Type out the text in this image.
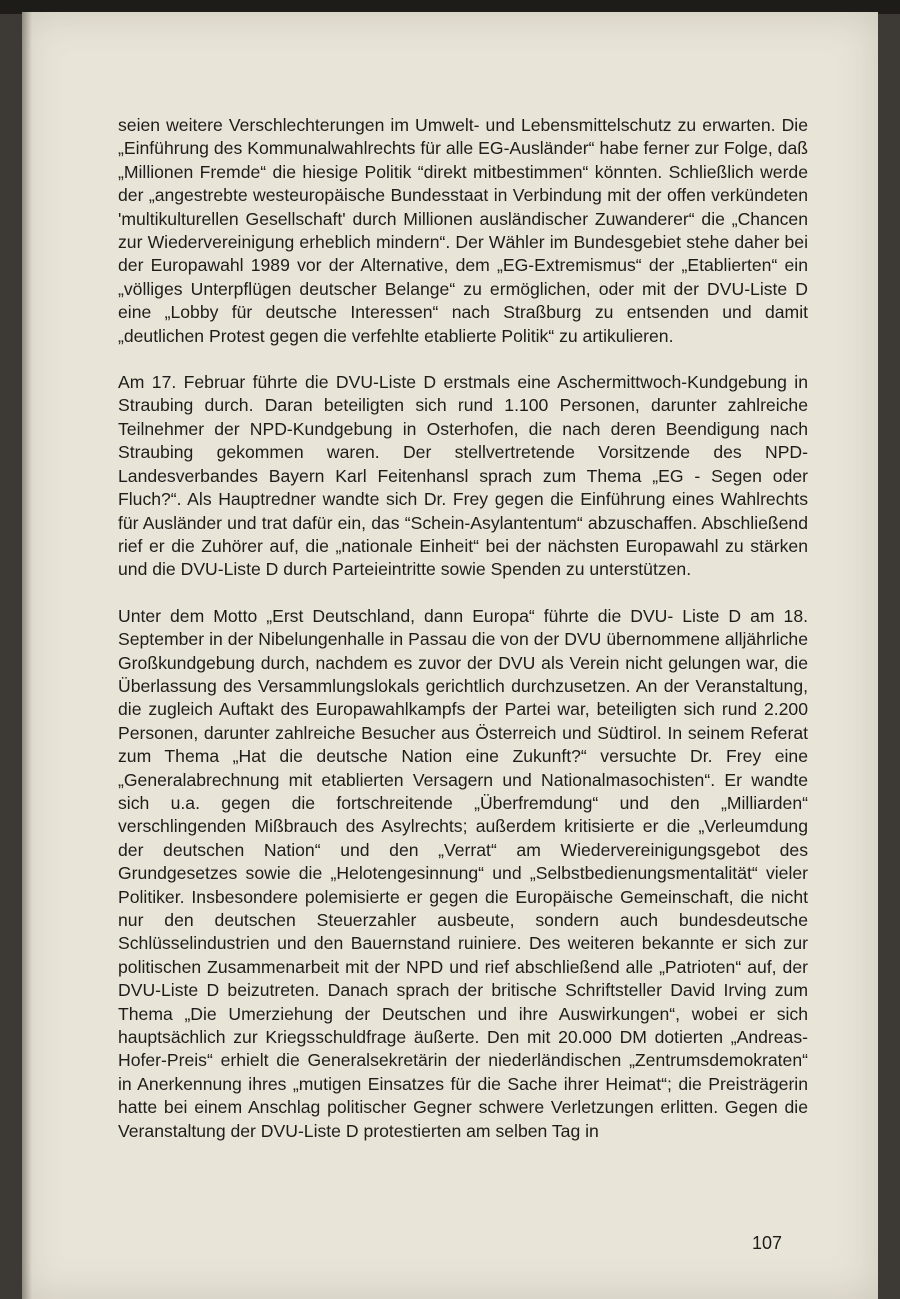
seien weitere Verschlechterungen im Umwelt- und Lebensmittelschutz zu erwarten. Die „Einführung des Kommunalwahlrechts für alle EG-Ausländer“ habe ferner zur Folge, daß „Millionen Fremde“ die hiesige Politik “direkt mitbestimmen“ könnten. Schließlich werde der „angestrebte westeuropäische Bundesstaat in Verbindung mit der offen verkündeten 'multikulturellen Gesellschaft' durch Millionen ausländischer Zuwanderer“ die „Chancen zur Wiedervereinigung erheblich mindern“. Der Wähler im Bundesgebiet stehe daher bei der Europawahl 1989 vor der Alternative, dem „EG-Extremismus“ der „Etablierten“ ein „völliges Unterpflügen deutscher Belange“ zu ermöglichen, oder mit der DVU-Liste D eine „Lobby für deutsche Interessen“ nach Straßburg zu entsenden und damit „deutlichen Protest gegen die verfehlte etablierte Politik“ zu artikulieren.

Am 17. Februar führte die DVU-Liste D erstmals eine Aschermittwoch-Kundgebung in Straubing durch. Daran beteiligten sich rund 1.100 Personen, darunter zahlreiche Teilnehmer der NPD-Kundgebung in Osterhofen, die nach deren Beendigung nach Straubing gekommen waren. Der stellvertretende Vorsitzende des NPD-Landesverbandes Bayern Karl Feitenhansl sprach zum Thema „EG - Segen oder Fluch?“. Als Hauptredner wandte sich Dr. Frey gegen die Einführung eines Wahlrechts für Ausländer und trat dafür ein, das “Schein-Asylantentum“ abzuschaffen. Abschließend rief er die Zuhörer auf, die „nationale Einheit“ bei der nächsten Europawahl zu stärken und die DVU-Liste D durch Parteieintritte sowie Spenden zu unterstützen.

Unter dem Motto „Erst Deutschland, dann Europa“ führte die DVU- Liste D am 18. September in der Nibelungenhalle in Passau die von der DVU übernommene alljährliche Großkundgebung durch, nachdem es zuvor der DVU als Verein nicht gelungen war, die Überlassung des Versammlungslokals gerichtlich durchzusetzen. An der Veranstaltung, die zugleich Auftakt des Europawahlkampfs der Partei war, beteiligten sich rund 2.200 Personen, darunter zahlreiche Besucher aus Österreich und Südtirol. In seinem Referat zum Thema „Hat die deutsche Nation eine Zukunft?“ versuchte Dr. Frey eine „Generalabrechnung mit etablierten Versagern und Nationalmasochisten“. Er wandte sich u.a. gegen die fortschreitende „Überfremdung“ und den „Milliarden“ verschlingenden Mißbrauch des Asylrechts; außerdem kritisierte er die „Verleumdung der deutschen Nation“ und den „Verrat“ am Wiedervereinigungsgebot des Grundgesetzes sowie die „Helotengesinnung“ und „Selbstbedienungsmentalität“ vieler Politiker. Insbesondere polemisierte er gegen die Europäische Gemeinschaft, die nicht nur den deutschen Steuerzahler ausbeute, sondern auch bundesdeutsche Schlüsselindustrien und den Bauernstand ruiniere. Des weiteren bekannte er sich zur politischen Zusammenarbeit mit der NPD und rief abschließend alle „Patrioten“ auf, der DVU-Liste D beizutreten. Danach sprach der britische Schriftsteller David Irving zum Thema „Die Umerziehung der Deutschen und ihre Auswirkungen“, wobei er sich hauptsächlich zur Kriegsschuldfrage äußerte. Den mit 20.000 DM dotierten „Andreas-Hofer-Preis“ erhielt die Generalsekretärin der niederländischen „Zentrumsdemokraten“ in Anerkennung ihres „mutigen Einsatzes für die Sache ihrer Heimat“; die Preisträgerin hatte bei einem Anschlag politischer Gegner schwere Verletzungen erlitten. Gegen die Veranstaltung der DVU-Liste D protestierten am selben Tag in

107
